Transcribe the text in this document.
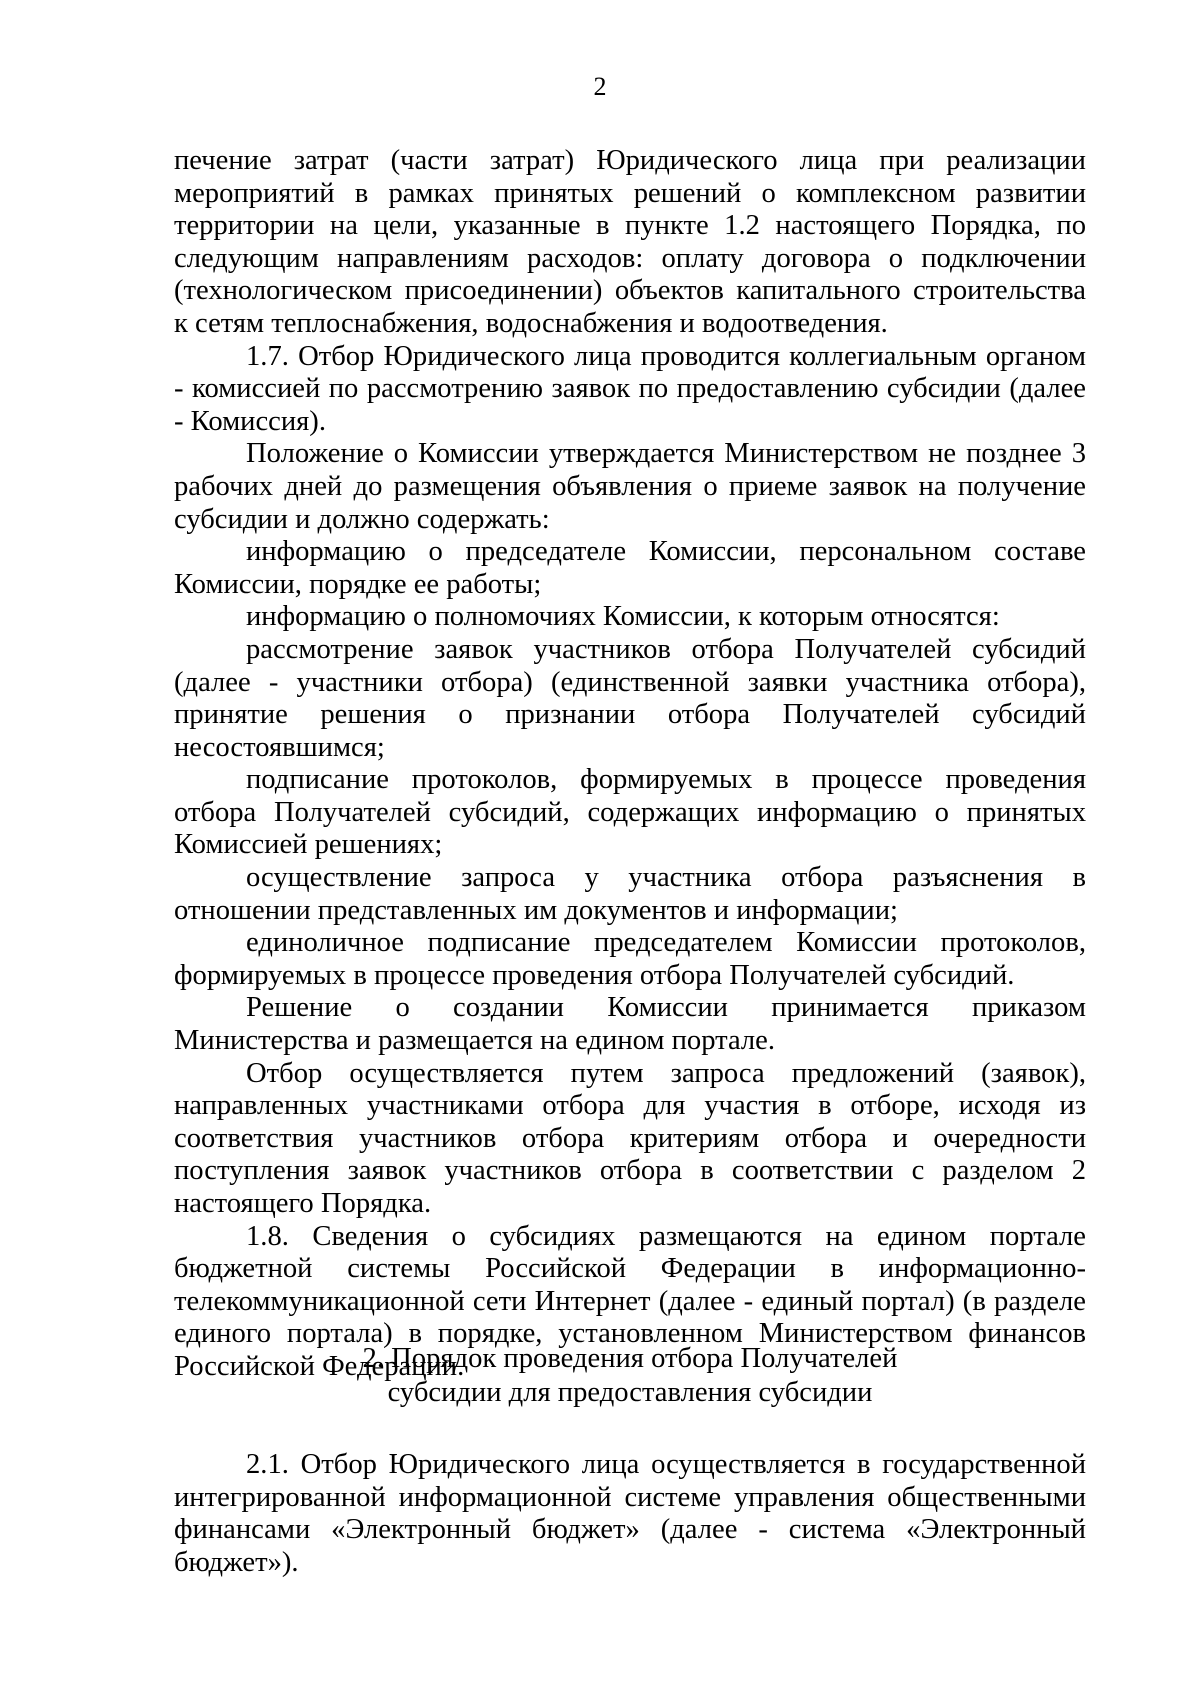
2

печение затрат (части затрат) Юридического лица при реализации мероприятий в рамках принятых решений о комплексном развитии территории на цели, указанные в пункте 1.2 настоящего Порядка, по следующим направлениям расходов: оплату договора о подключении (технологическом присоединении) объектов капитального строительства к сетям теплоснабжения, водоснабжения и водоотведения.

1.7. Отбор Юридического лица проводится коллегиальным органом - комиссией по рассмотрению заявок по предоставлению субсидии (далее - Комиссия).

Положение о Комиссии утверждается Министерством не позднее 3 рабочих дней до размещения объявления о приеме заявок на получение субсидии и должно содержать:

информацию о председателе Комиссии, персональном составе Комиссии, порядке ее работы;

информацию о полномочиях Комиссии, к которым относятся:

рассмотрение заявок участников отбора Получателей субсидий (далее - участники отбора) (единственной заявки участника отбора), принятие решения о признании отбора Получателей субсидий несостоявшимся;

подписание протоколов, формируемых в процессе проведения отбора Получателей субсидий, содержащих информацию о принятых Комиссией решениях;

осуществление запроса у участника отбора разъяснения в отношении представленных им документов и информации;

единоличное подписание председателем Комиссии протоколов, формируемых в процессе проведения отбора Получателей субсидий.

Решение о создании Комиссии принимается приказом Министерства и размещается на едином портале.

Отбор осуществляется путем запроса предложений (заявок), направленных участниками отбора для участия в отборе, исходя из соответствия участников отбора критериям отбора и очередности поступления заявок участников отбора в соответствии с разделом 2 настоящего Порядка.

1.8. Сведения о субсидиях размещаются на едином портале бюджетной системы Российской Федерации в информационно-телекоммуникационной сети Интернет (далее - единый портал) (в разделе единого портала) в порядке, установленном Министерством финансов Российской Федерации.

2. Порядок проведения отбора Получателей
субсидии для предоставления субсидии

2.1. Отбор Юридического лица осуществляется в государственной интегрированной информационной системе управления общественными финансами «Электронный бюджет» (далее - система «Электронный бюджет»).
